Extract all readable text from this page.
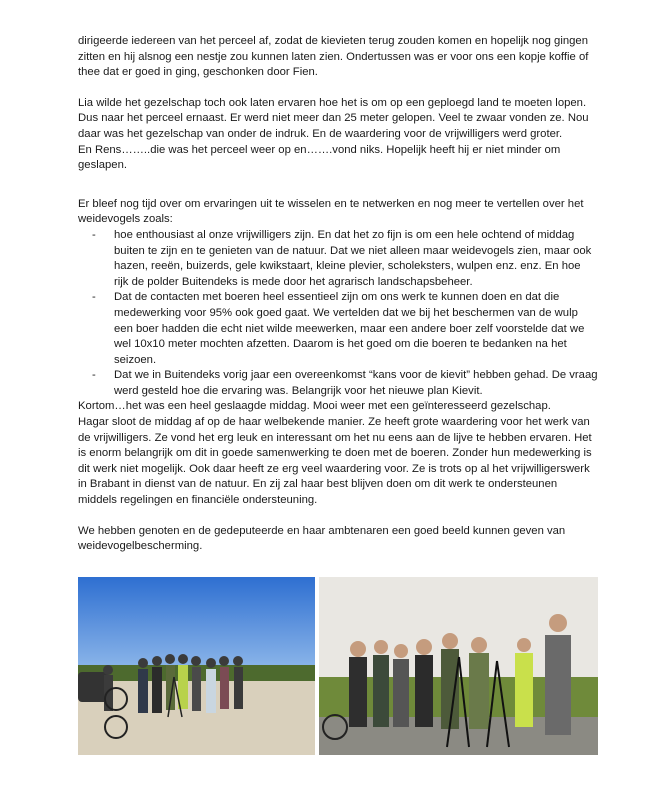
dirigeerde iedereen van het perceel af, zodat de kievieten terug zouden komen en hopelijk nog gingen zitten en hij alsnog een nestje zou kunnen laten zien. Ondertussen was er voor ons een kopje koffie of thee dat er goed in ging, geschonken door Fien.

Lia wilde het gezelschap toch ook laten ervaren hoe het is om op een geploegd land te moeten lopen. Dus naar het perceel ernaast. Er werd niet meer dan 25 meter gelopen. Veel te zwaar vonden ze. Nou daar was het gezelschap van onder de indruk. En de waardering voor de vrijwilligers werd groter.

En Rens……..die was het perceel weer op en…….vond niks. Hopelijk heeft hij er niet minder om geslapen.

Er bleef nog tijd over om ervaringen uit te wisselen en te netwerken en nog meer te vertellen over het weidevogels zoals:

- hoe enthousiast al onze vrijwilligers zijn. En dat het zo fijn is om een hele ochtend of middag buiten te zijn en te genieten van de natuur. Dat we niet alleen maar weidevogels zien, maar ook hazen, reeën, buizerds, gele kwikstaart, kleine plevier, scholeksters, wulpen enz. enz. En hoe rijk de polder Buitendeks is mede door het agrarisch landschapsbeheer.
- Dat de contacten met boeren heel essentieel zijn om ons werk te kunnen doen en dat die medewerking voor 95% ook goed gaat. We vertelden dat we bij het beschermen van de wulp een boer hadden die echt niet wilde meewerken, maar een andere boer zelf voorstelde dat we wel 10x10 meter mochten afzetten. Daarom is het goed om die boeren te bedanken na het seizoen.
- Dat we in Buitendeks vorig jaar een overeenkomst “kans voor de kievit” hebben gehad. De vraag werd gesteld hoe die ervaring was. Belangrijk voor het nieuwe plan Kievit.
Kortom…het was een heel geslaagde middag. Mooi weer met een geïnteresseerd gezelschap.

Hagar sloot de middag af op de haar welbekende manier. Ze heeft grote waardering voor het werk van de vrijwilligers. Ze vond het erg leuk en interessant om het nu eens aan de lijve te hebben ervaren. Het is enorm belangrijk om dit in goede samenwerking te doen met de boeren. Zonder hun medewerking is dit werk niet mogelijk. Ook daar heeft ze erg veel waardering voor. Ze is trots op al het vrijwilligerswerk in Brabant in dienst van de natuur. En zij zal haar best blijven doen om dit werk te ondersteunen middels regelingen en financiële ondersteuning.

We hebben genoten en de gedeputeerde en haar ambtenaren een goed beeld kunnen geven van weidevogelbescherming.
